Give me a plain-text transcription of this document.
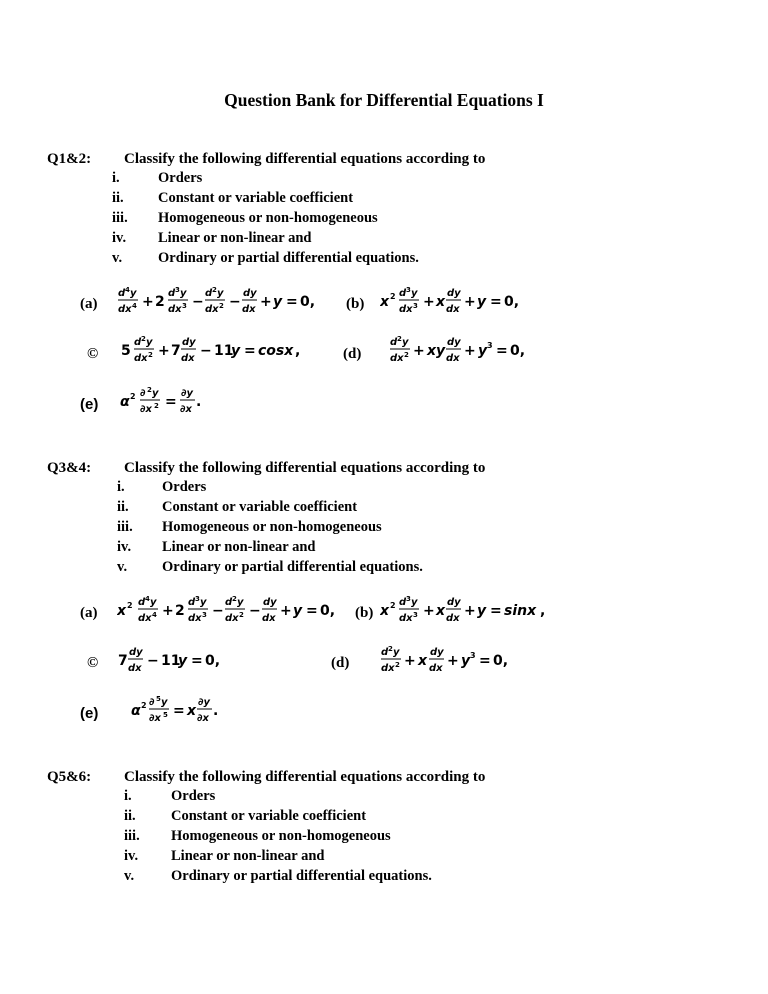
Question Bank for Differential Equations I
Q1&2: Classify the following differential equations according to
i.	Orders
ii. Constant or variable coefficient
iii. Homogeneous or non-homogeneous
iv. Linear or non-linear and
v. Ordinary or partial differential equations.
(a)
d 4 y
dx 4 + 2
d 3 y
dx 3 −
d 2 y
dx 2 −
dy
dx + y = 0, (b) x 2 d 3 y
dx 3 + x
dy
dx + y = 0,
© 5
d 2 y
dx 2 + 7
dy
dx − 11
y = cosx ,	(d)
d 2 y
dx 2 + xy
dy
dx + y 3 = 0,
(e) α 2 ∂ 2 y
∂x 2 =
∂y
∂x .
Q3&4: Classify the following differential equations according to
i.	Orders
ii. Constant or variable coefficient
iii. Homogeneous or non-homogeneous
iv. Linear or non-linear and
v. Ordinary or partial differential equations.
(a) x 2 d 4 y
dx 4 + 2
d 3 y
dx 3 −
d 2 y
dx 2 −
dy
dx + y = 0, (b) x 2 d 3 y
dx 3 + x
dy
dx + y = sinx ,
© 7
dy
dx − 11
y = 0,	(d)
d 2 y
dx 2 + x
dy
dx + y 3 = 0,
(e) α 2 ∂ 5 y
∂x 5 = x
∂y
∂x .
Q5&6: Classify the following differential equations according to
i.	Orders
ii. Constant or variable coefficient
iii. Homogeneous or non-homogeneous
iv. Linear or non-linear and
v.	Ordinary or partial differential equations.
